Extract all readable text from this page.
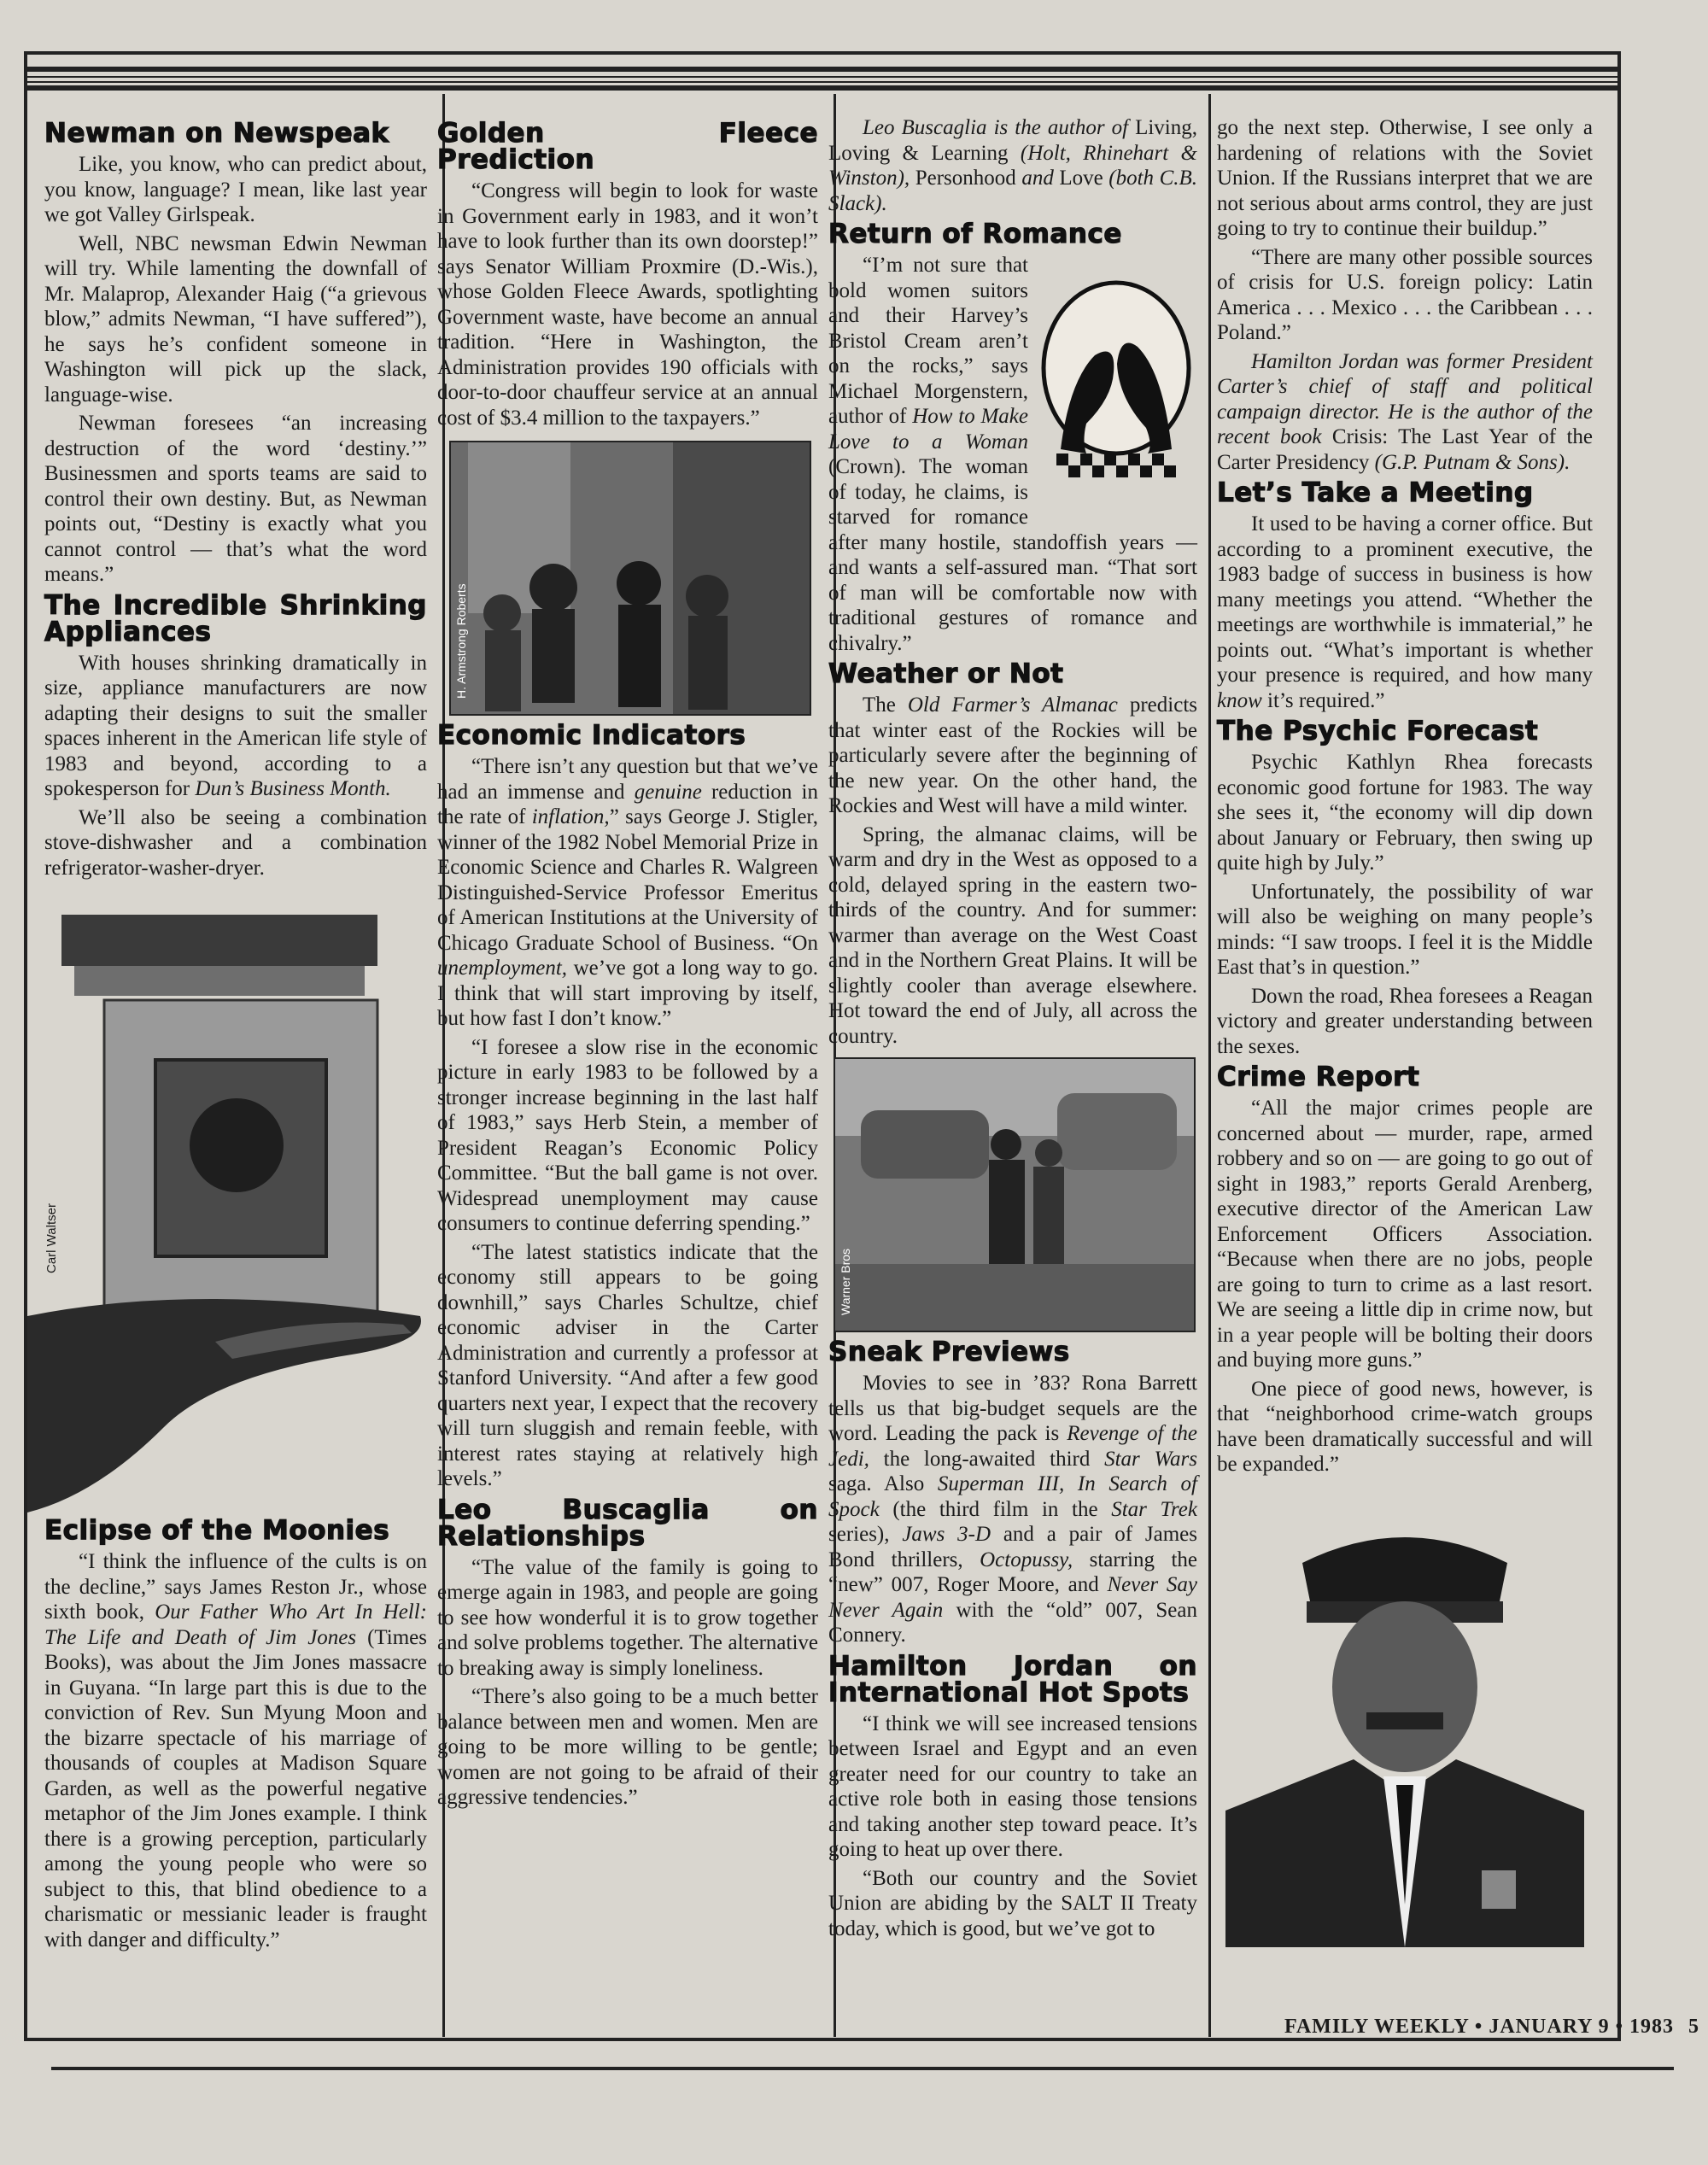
Newman on Newspeak

Like, you know, who can predict about, you know, language? I mean, like last year we got Valley Girlspeak.

Well, NBC newsman Edwin Newman will try. While lamenting the downfall of Mr. Malaprop, Alexander Haig (“a grievous blow,” admits Newman, “I have suffered”), he says he’s confident someone in Washington will pick up the slack, language-wise.

Newman foresees “an increasing destruction of the word ‘destiny.’” Businessmen and sports teams are said to control their own destiny. But, as Newman points out, “Destiny is exactly what you cannot control — that’s what the word means.”

The Incredible Shrinking Appliances

With houses shrinking dramatically in size, appliance manufacturers are now adapting their designs to suit the smaller spaces inherent in the American life style of 1983 and beyond, according to a spokesperson for Dun’s Business Month.

We’ll also be seeing a combination stove-dishwasher and a combination refrigerator-washer-dryer.

Carl Waltser
Eclipse of the Moonies

“I think the influence of the cults is on the decline,” says James Reston Jr., whose sixth book, Our Father Who Art In Hell: The Life and Death of Jim Jones (Times Books), was about the Jim Jones massacre in Guyana. “In large part this is due to the conviction of Rev. Sun Myung Moon and the bizarre spectacle of his marriage of thousands of couples at Madison Square Garden, as well as the powerful negative metaphor of the Jim Jones example. I think there is a growing perception, particularly among the young people who were so subject to this, that blind obedience to a charismatic or messianic leader is fraught with danger and difficulty.”

Golden Fleece Prediction

“Congress will begin to look for waste in Government early in 1983, and it won’t have to look further than its own doorstep!” says Senator William Proxmire (D.-Wis.), whose Golden Fleece Awards, spotlighting Government waste, have become an annual tradition. “Here in Washington, the Administration provides 190 officials with door-to-door chauffeur service at an annual cost of $3.4 million to the taxpayers.”

H. Armstrong Roberts
Economic Indicators

“There isn’t any question but that we’ve had an immense and genuine reduction in the rate of inflation,” says George J. Stigler, winner of the 1982 Nobel Memorial Prize in Economic Science and Charles R. Walgreen Distinguished-Service Professor Emeritus of American Institutions at the University of Chicago Graduate School of Business. “On unemployment, we’ve got a long way to go. I think that will start improving by itself, but how fast I don’t know.”

“I foresee a slow rise in the economic picture in early 1983 to be followed by a stronger increase beginning in the last half of 1983,” says Herb Stein, a member of President Reagan’s Economic Policy Committee. “But the ball game is not over. Widespread unemployment may cause consumers to continue deferring spending.”

“The latest statistics indicate that the economy still appears to be going downhill,” says Charles Schultze, chief economic adviser in the Carter Administration and currently a professor at Stanford University. “And after a few good quarters next year, I expect that the recovery will turn sluggish and remain feeble, with interest rates staying at relatively high levels.”

Leo Buscaglia on Relationships

“The value of the family is going to emerge again in 1983, and people are going to see how wonderful it is to grow together and solve problems together. The alternative to breaking away is simply loneliness.

“There’s also going to be a much better balance between men and women. Men are going to be more willing to be gentle; women are not going to be afraid of their aggressive tendencies.”

Leo Buscaglia is the author of Living, Loving & Learning (Holt, Rhinehart & Winston), Personhood and Love (both C.B. Slack).

Return of Romance

“I’m not sure that bold women suitors and their Harvey’s Bristol Cream aren’t on the rocks,” says Michael Morgenstern, author of How to Make Love to a Woman (Crown). The woman of today, he claims, is starved for romance after many hostile, standoffish years — and wants a self-assured man. “That sort of man will be comfortable now with traditional gestures of romance and chivalry.”

Weather or Not

The Old Farmer’s Almanac predicts that winter east of the Rockies will be particularly severe after the beginning of the new year. On the other hand, the Rockies and West will have a mild winter.

Spring, the almanac claims, will be warm and dry in the West as opposed to a cold, delayed spring in the eastern two-thirds of the country. And for summer: warmer than average on the West Coast and in the Northern Great Plains. It will be slightly cooler than average elsewhere. Hot toward the end of July, all across the country.

Warner Bros
Sneak Previews

Movies to see in ’83? Rona Barrett tells us that big-budget sequels are the word. Leading the pack is Revenge of the Jedi, the long-awaited third Star Wars saga. Also Superman III, In Search of Spock (the third film in the Star Trek series), Jaws 3-D and a pair of James Bond thrillers, Octopussy, starring the “new” 007, Roger Moore, and Never Say Never Again with the “old” 007, Sean Connery.

Hamilton Jordan on International Hot Spots

“I think we will see increased tensions between Israel and Egypt and an even greater need for our country to take an active role both in easing those tensions and taking another step toward peace. It’s going to heat up over there.

“Both our country and the Soviet Union are abiding by the SALT II Treaty today, which is good, but we’ve got to

go the next step. Otherwise, I see only a hardening of relations with the Soviet Union. If the Russians interpret that we are not serious about arms control, they are just going to try to continue their buildup.”

“There are many other possible sources of crisis for U.S. foreign policy: Latin America . . . Mexico . . . the Caribbean . . . Poland.”

Hamilton Jordan was former President Carter’s chief of staff and political campaign director. He is the author of the recent book Crisis: The Last Year of the Carter Presidency (G.P. Putnam & Sons).

Let’s Take a Meeting

It used to be having a corner office. But according to a prominent executive, the 1983 badge of success in business is how many meetings you attend. “Whether the meetings are worthwhile is immaterial,” he points out. “What’s important is whether your presence is required, and how many know it’s required.”

The Psychic Forecast

Psychic Kathlyn Rhea forecasts economic good fortune for 1983. The way she sees it, “the economy will dip down about January or February, then swing up quite high by July.”

Unfortunately, the possibility of war will also be weighing on many people’s minds: “I saw troops. I feel it is the Middle East that’s in question.”

Down the road, Rhea foresees a Reagan victory and greater understanding between the sexes.

Crime Report

“All the major crimes people are concerned about — murder, rape, armed robbery and so on — are going to go out of sight in 1983,” reports Gerald Arenberg, executive director of the American Law Enforcement Officers Association. “Because when there are no jobs, people are going to turn to crime as a last resort. We are seeing a little dip in crime now, but in a year people will be bolting their doors and buying more guns.”

One piece of good news, however, is that “neighborhood crime-watch groups have been dramatically successful and will be expanded.”

FAMILY WEEKLY • JANUARY 9 • 1983 5
